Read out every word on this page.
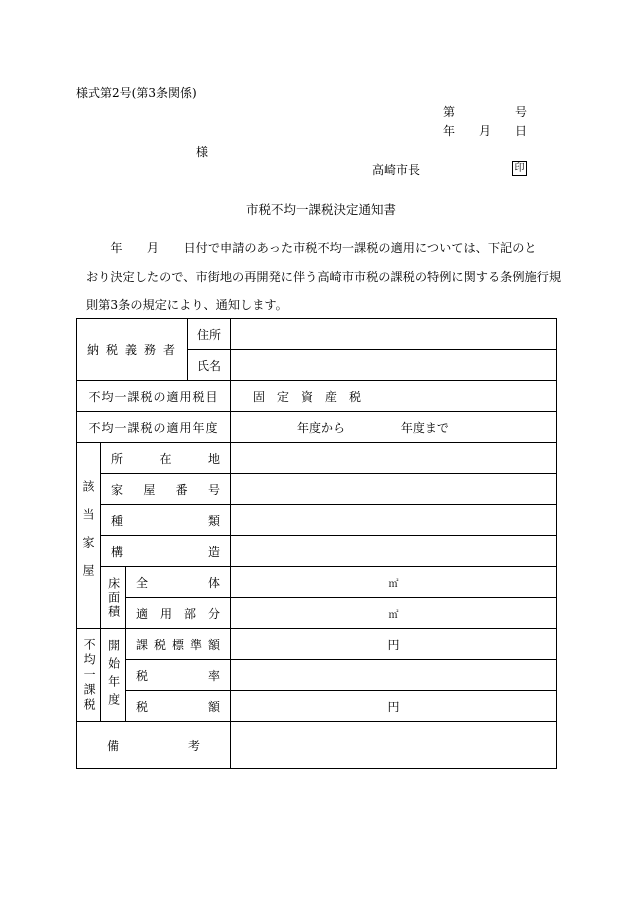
様式第2号(第3条関係)
第　　　　　号
年　　月　　日
様
高崎市長	印
市税不均一課税決定通知書
　　年　　月　　日付で申請のあった市税不均一課税の適用については、下記のと
おり決定したので、市街地の再開発に伴う高崎市市税の課税の特例に関する条例施行規
則第3条の規定により、通知します。
納 税 義 務 者			住所	
			氏名	
不均一課税の適用税目				固　定　資　産　税
不均一課税の適用年度				年度から 年度まで

該当家屋	所 在 地			

	家 屋 番 号			

	種 類			

	構 造			

	床面積	全 体		㎡

		適 用 部 分		㎡

不均一課税	開始年度	課 税 標 準 額		円

		税 率		

		税 額		円

備 考				
